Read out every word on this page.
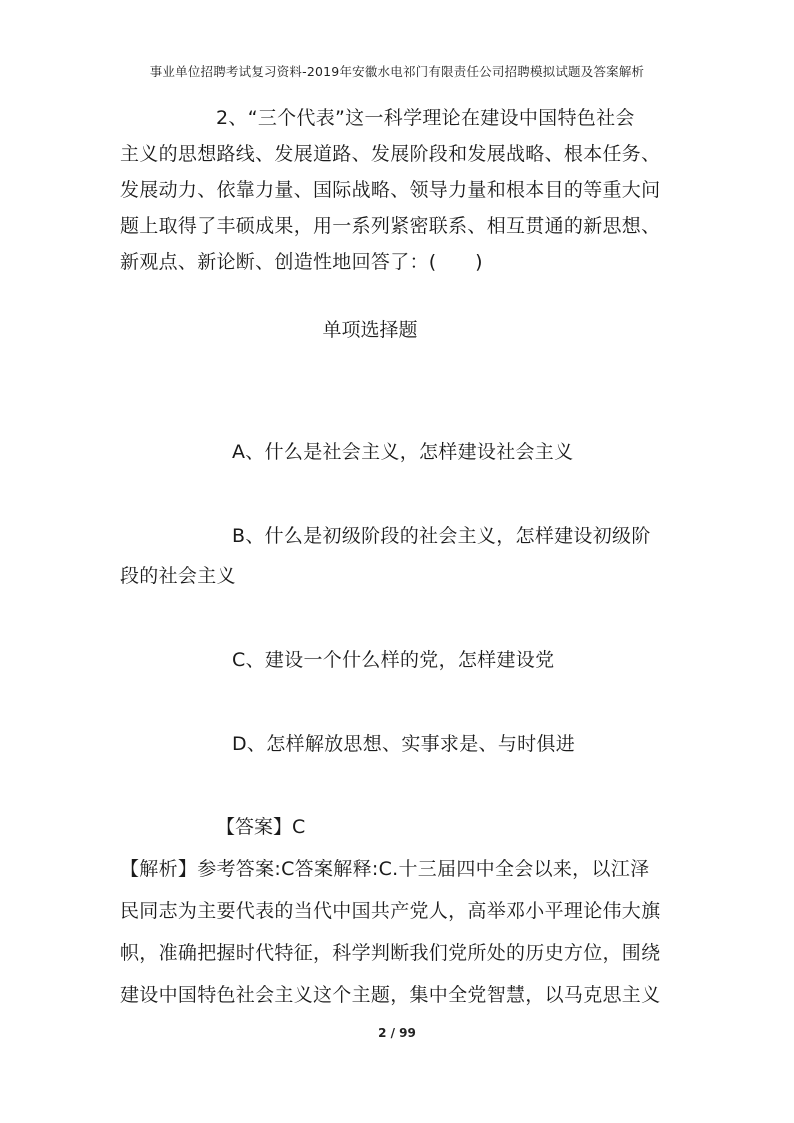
事业单位招聘考试复习资料-2019年安徽水电祁门有限责任公司招聘模拟试题及答案解析
2、“三个代表”这一科学理论在建设中国特色社会
主义的思想路线、发展道路、发展阶段和发展战略、根本任务、
发展动力、依靠力量、国际战略、领导力量和根本目的等重大问
题上取得了丰硕成果，用一系列紧密联系、相互贯通的新思想、
新观点、新论断、创造性地回答了：(　　)
单项选择题
A、什么是社会主义，怎样建设社会主义
B、什么是初级阶段的社会主义，怎样建设初级阶
段的社会主义
C、建设一个什么样的党，怎样建设党
D、怎样解放思想、实事求是、与时俱进
【答案】C
【解析】参考答案:C答案解释:C.十三届四中全会以来，以江泽
民同志为主要代表的当代中国共产党人，高举邓小平理论伟大旗
帜，准确把握时代特征，科学判断我们党所处的历史方位，围绕
建设中国特色社会主义这个主题，集中全党智慧，以马克思主义
2 / 99
